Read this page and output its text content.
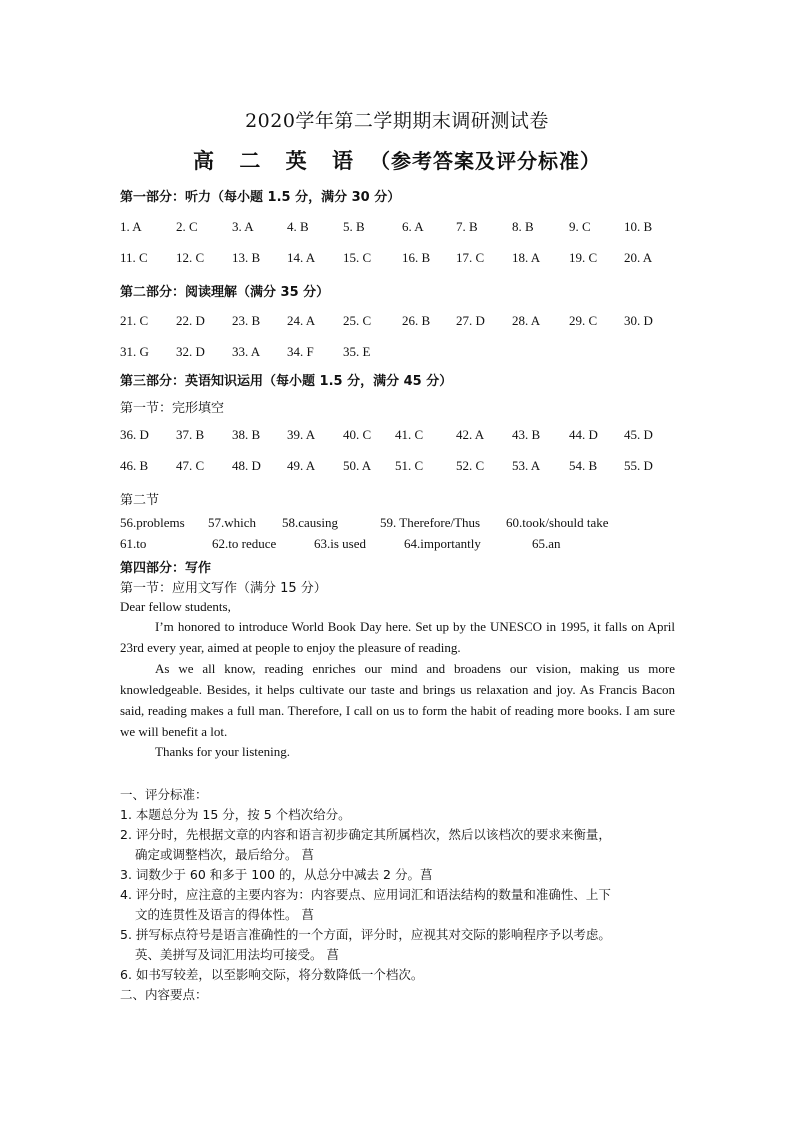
2020学年第二学期期末调研测试卷
高 二 英 语 （参考答案及评分标准）
第一部分：听力（每小题 1.5 分，满分 30 分）
1. A	2. C	3. A	4. B	5. B	6. A 7. B	8. B	9. C	10. B
11. C 12. C 13. B 14. A 15. C 16. B 17. C 18. A 19. C 20. A
第二部分：阅读理解（满分 35 分）
21. C 22. D 23. B 24. A 25. C 26. B 27. D 28. A 29. C 30. D
31. G 32. D 33. A 34. F 35. E
第三部分：英语知识运用（每小题 1.5 分，满分 45 分）
第一节：完形填空
36. D 37. B 38. B 39. A 40. C 41. C	42. A 43. B 44. D 45. D
46. B 47. C 48. D 49. A 50. A 51. C	52. C 53. A 54. B 55. D
第二节
56.problems 57.which 58.causing	59. Therefore/Thus 60.took/should take
61.to	62.to reduce	63.is used	64.importantly	65.an
第四部分：写作
第一节：应用文写作（满分 15 分）
Dear fellow students,
I’m honored to introduce World Book Day here. Set up by the UNESCO in 1995, it falls on April 23rd every year, aimed at people to enjoy the pleasure of reading.
As we all know, reading enriches our mind and broadens our vision, making us more knowledgeable. Besides, it helps cultivate our taste and brings us relaxation and joy. As Francis Bacon said, reading makes a full man. Therefore, I call on us to form the habit of reading more books. I am sure we will benefit a lot.
Thanks for your listening.
一、评分标准：
1. 本题总分为 15 分，按 5 个档次给分。
2. 评分时，先根据文章的内容和语言初步确定其所属档次，然后以该档次的要求来衡量，
确定或调整档次，最后给分。 菖
3. 词数少于 60 和多于 100 的，从总分中减去 2 分。菖
4. 评分时，应注意的主要内容为：内容要点、应用词汇和语法结构的数量和准确性、上下
文的连贯性及语言的得体性。 菖
5. 拼写标点符号是语言准确性的一个方面，评分时，应视其对交际的影响程序予以考虑。
英、美拼写及词汇用法均可接受。 菖
6. 如书写较差，以至影响交际，将分数降低一个档次。
二、内容要点：
